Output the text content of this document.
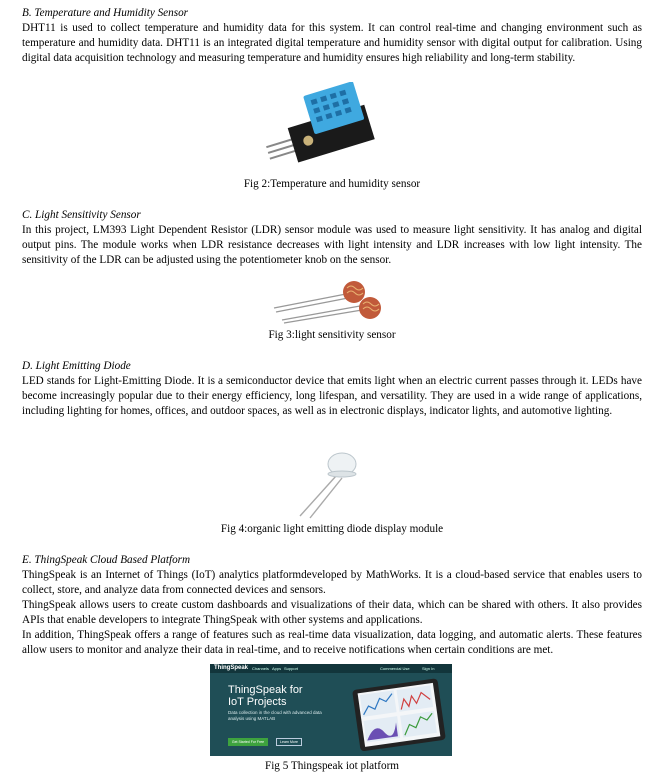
B. Temperature and Humidity Sensor

DHT11 is used to collect temperature and humidity data for this system. It can control real-time and changing environment such as temperature and humidity data. DHT11 is an integrated digital temperature and humidity sensor with digital output for calibration. Using digital data acquisition technology and measuring temperature and humidity ensures high reliability and long-term stability.

Fig 2:Temperature and humidity sensor
C. Light Sensitivity Sensor

In this project, LM393 Light Dependent Resistor (LDR) sensor module was used to measure light sensitivity. It has analog and digital output pins. The module works when LDR resistance decreases with light intensity and LDR increases with low light intensity. The sensitivity of the LDR can be adjusted using the potentiometer knob on the sensor.

Fig 3:light sensitivity sensor
D. Light Emitting Diode

LED stands for Light-Emitting Diode. It is a semiconductor device that emits light when an electric current passes through it. LEDs have become increasingly popular due to their energy efficiency, long lifespan, and versatility. They are used in a wide range of applications, including lighting for homes, offices, and outdoor spaces, as well as in electronic displays, indicator lights, and automotive lighting.

Fig 4:organic light emitting diode display module
E. ThingSpeak Cloud Based Platform

ThingSpeak is an Internet of Things (IoT) analytics platformdeveloped by MathWorks. It is a cloud-based service that enables users to collect, store, and analyze data from connected devices and sensors.

ThingSpeak allows users to create custom dashboards and visualizations of their data, which can be shared with others. It also provides APIs that enable developers to integrate ThingSpeak with other systems and applications.

In addition, ThingSpeak offers a range of features such as real-time data visualization, data logging, and automatic alerts. These features allow users to monitor and analyze their data in real-time, and to receive notifications when certain conditions are met.

ThingSpeak Channels Apps Support	Commercial Use	Sign In
ThingSpeak for IoT Projects
Data collection in the cloud with advanced data analysis using MATLAB
Get Started For Free	Learn More
Fig 5 Thingspeak iot platform
